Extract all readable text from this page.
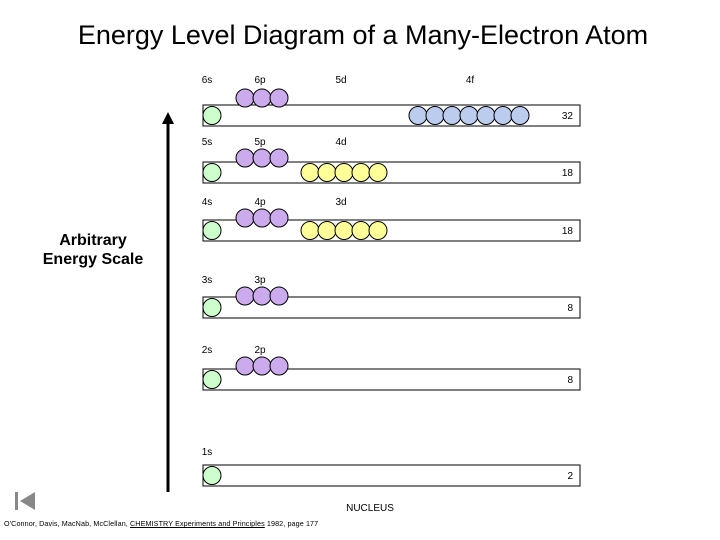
Energy Level Diagram of a Many-Electron Atom
Arbitrary
Energy Scale
32
6s	6p	5d	4f
18
5s	5p	4d
18
4s	4p	3d
8
3s	3p
8
2s	2p
2
1s
NUCLEUS
O'Connor, Davis, MacNab, McClellan, CHEMISTRY Experiments and Principles 1982, page 177
